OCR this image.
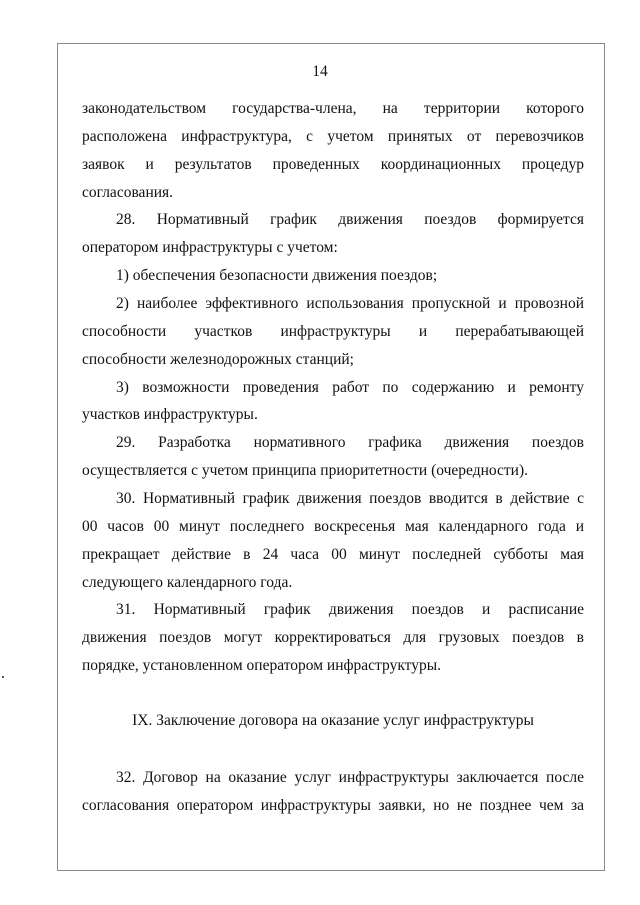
14
законодательством государства-члена, на территории которого
расположена инфраструктура, с учетом принятых от перевозчиков
заявок и результатов проведенных координационных процедур
согласования.
28. Нормативный график движения поездов формируется
оператором инфраструктуры с учетом:
1) обеспечения безопасности движения поездов;
2) наиболее эффективного использования пропускной и провозной
способности участков инфраструктуры и перерабатывающей
способности железнодорожных станций;
3) возможности проведения работ по содержанию и ремонту
участков инфраструктуры.
29. Разработка нормативного графика движения поездов
осуществляется с учетом принципа приоритетности (очередности).
30. Нормативный график движения поездов вводится в действие с
00 часов 00 минут последнего воскресенья мая календарного года и
прекращает действие в 24 часа 00 минут последней субботы мая
следующего календарного года.
31. Нормативный график движения поездов и расписание
движения поездов могут корректироваться для грузовых поездов в
порядке, установленном оператором инфраструктуры.
32. Договор на оказание услуг инфраструктуры заключается после
согласования оператором инфраструктуры заявки, но не позднее чем за
IX. Заключение договора на оказание услуг инфраструктуры
